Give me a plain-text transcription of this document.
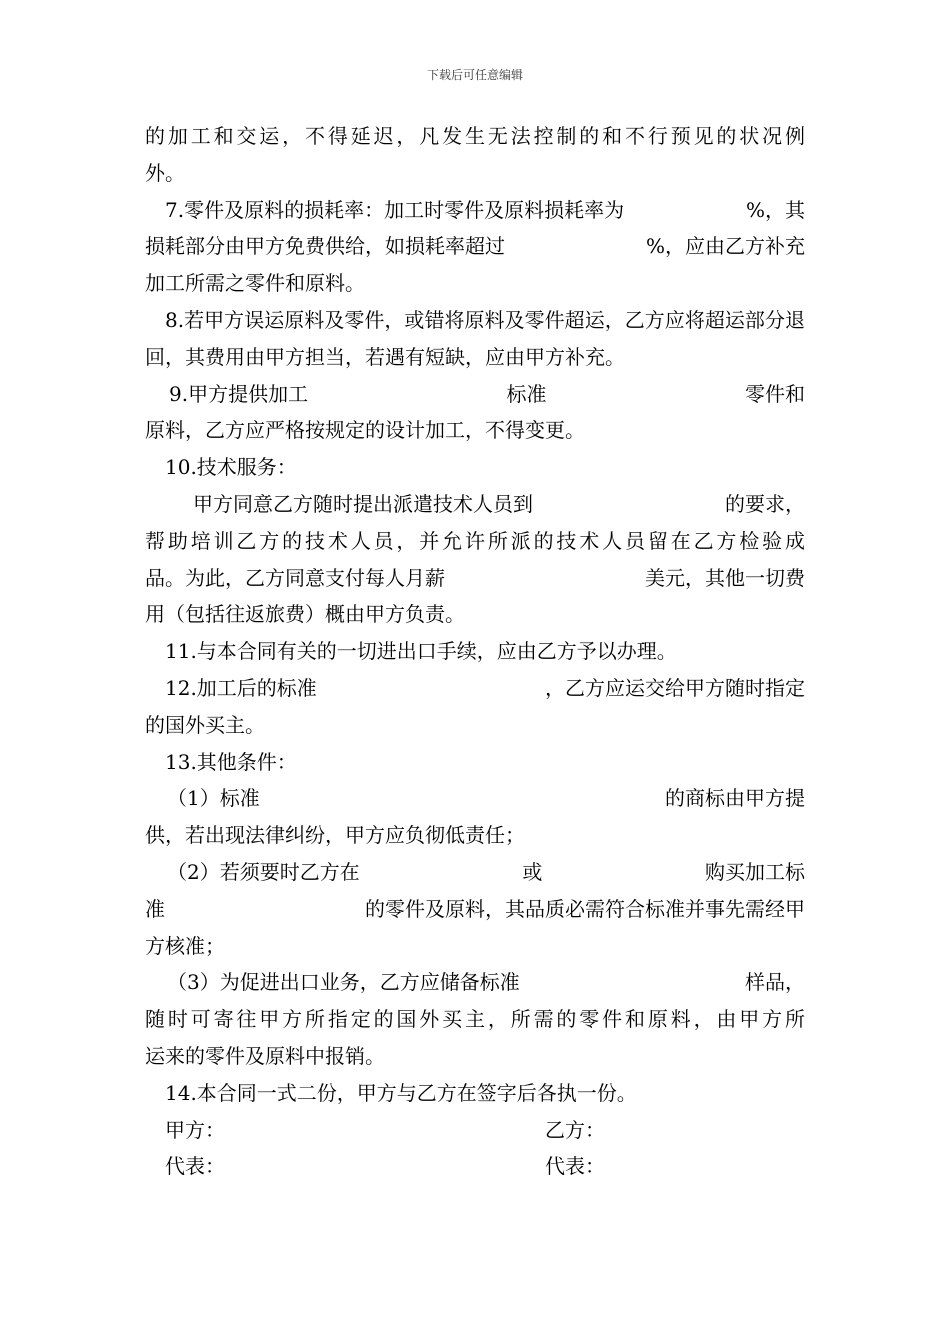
下载后可任意编辑

的加工和交运，不得延迟，凡发生无法控制的和不行预见的状况例

外。

7.零件及原料的损耗率：加工时零件及原料损耗率为	%，其

损耗部分由甲方免费供给，如损耗率超过	%，应由乙方补充

加工所需之零件和原料。

8.若甲方误运原料及零件，或错将原料及零件超运，乙方应将超运部分退回，其费用由甲方担当，若遇有短缺，应由甲方补充。

9.甲方提供加工	标准	零件和

原料，乙方应严格按规定的设计加工，不得变更。

10.技术服务：

甲方同意乙方随时提出派遣技术人员到	的要求，

帮助培训乙方的技术人员，并允许所派的技术人员留在乙方检验成

品。为此，乙方同意支付每人月薪	美元，其他一切费

用（包括往返旅费）概由甲方负责。

11.与本合同有关的一切进出口手续，应由乙方予以办理。

12.加工后的标准	，乙方应运交给甲方随时指定

的国外买主。

13.其他条件：

（1）标准	的商标由甲方提

供，若出现法律纠纷，甲方应负彻低责任；

（2）若须要时乙方在	或	购买加工标

准	的零件及原料，其品质必需符合标准并事先需经甲

方核准；

（3）为促进出口业务，乙方应储备标准	样品，

随时可寄往甲方所指定的国外买主，所需的零件和原料，由甲方所

运来的零件及原料中报销。

14.本合同一式二份，甲方与乙方在签字后各执一份。

甲方：	乙方：

代表：	代表：
